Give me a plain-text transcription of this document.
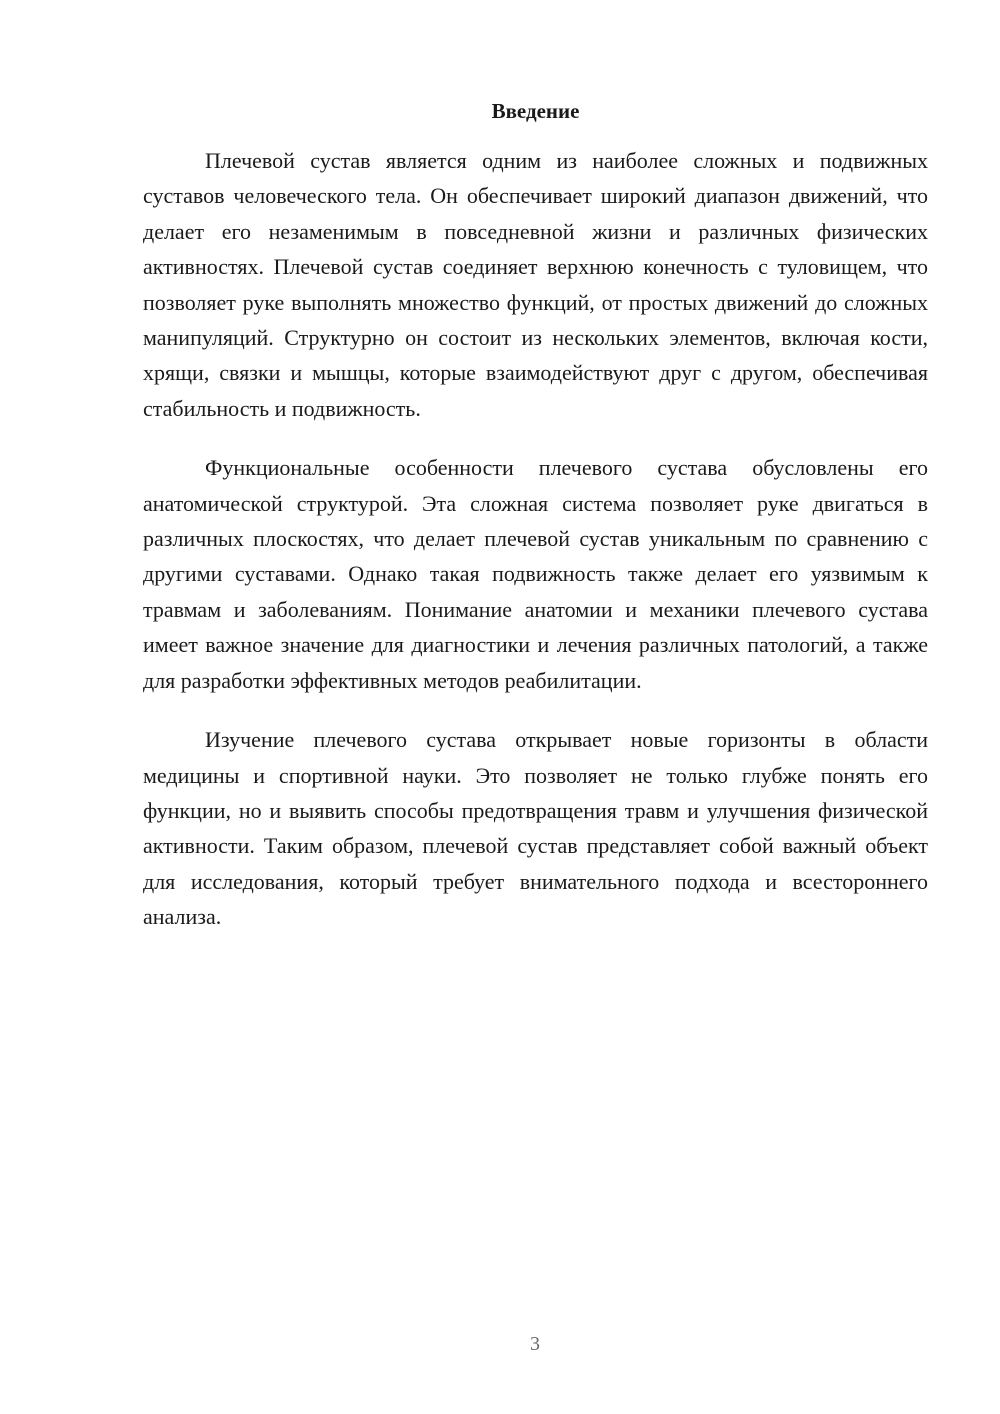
Введение

Плечевой сустав является одним из наиболее сложных и подвижных суставов человеческого тела. Он обеспечивает широкий диапазон движений, что делает его незаменимым в повседневной жизни и различных физических активностях. Плечевой сустав соединяет верхнюю конечность с туловищем, что позволяет руке выполнять множество функций, от простых движений до сложных манипуляций. Структурно он состоит из нескольких элементов, включая кости, хрящи, связки и мышцы, которые взаимодействуют друг с другом, обеспечивая стабильность и подвижность.

Функциональные особенности плечевого сустава обусловлены его анатомической структурой. Эта сложная система позволяет руке двигаться в различных плоскостях, что делает плечевой сустав уникальным по сравнению с другими суставами. Однако такая подвижность также делает его уязвимым к травмам и заболеваниям. Понимание анатомии и механики плечевого сустава имеет важное значение для диагностики и лечения различных патологий, а также для разработки эффективных методов реабилитации.

Изучение плечевого сустава открывает новые горизонты в области медицины и спортивной науки. Это позволяет не только глубже понять его функции, но и выявить способы предотвращения травм и улучшения физической активности. Таким образом, плечевой сустав представляет собой важный объект для исследования, который требует внимательного подхода и всестороннего анализа.

3
